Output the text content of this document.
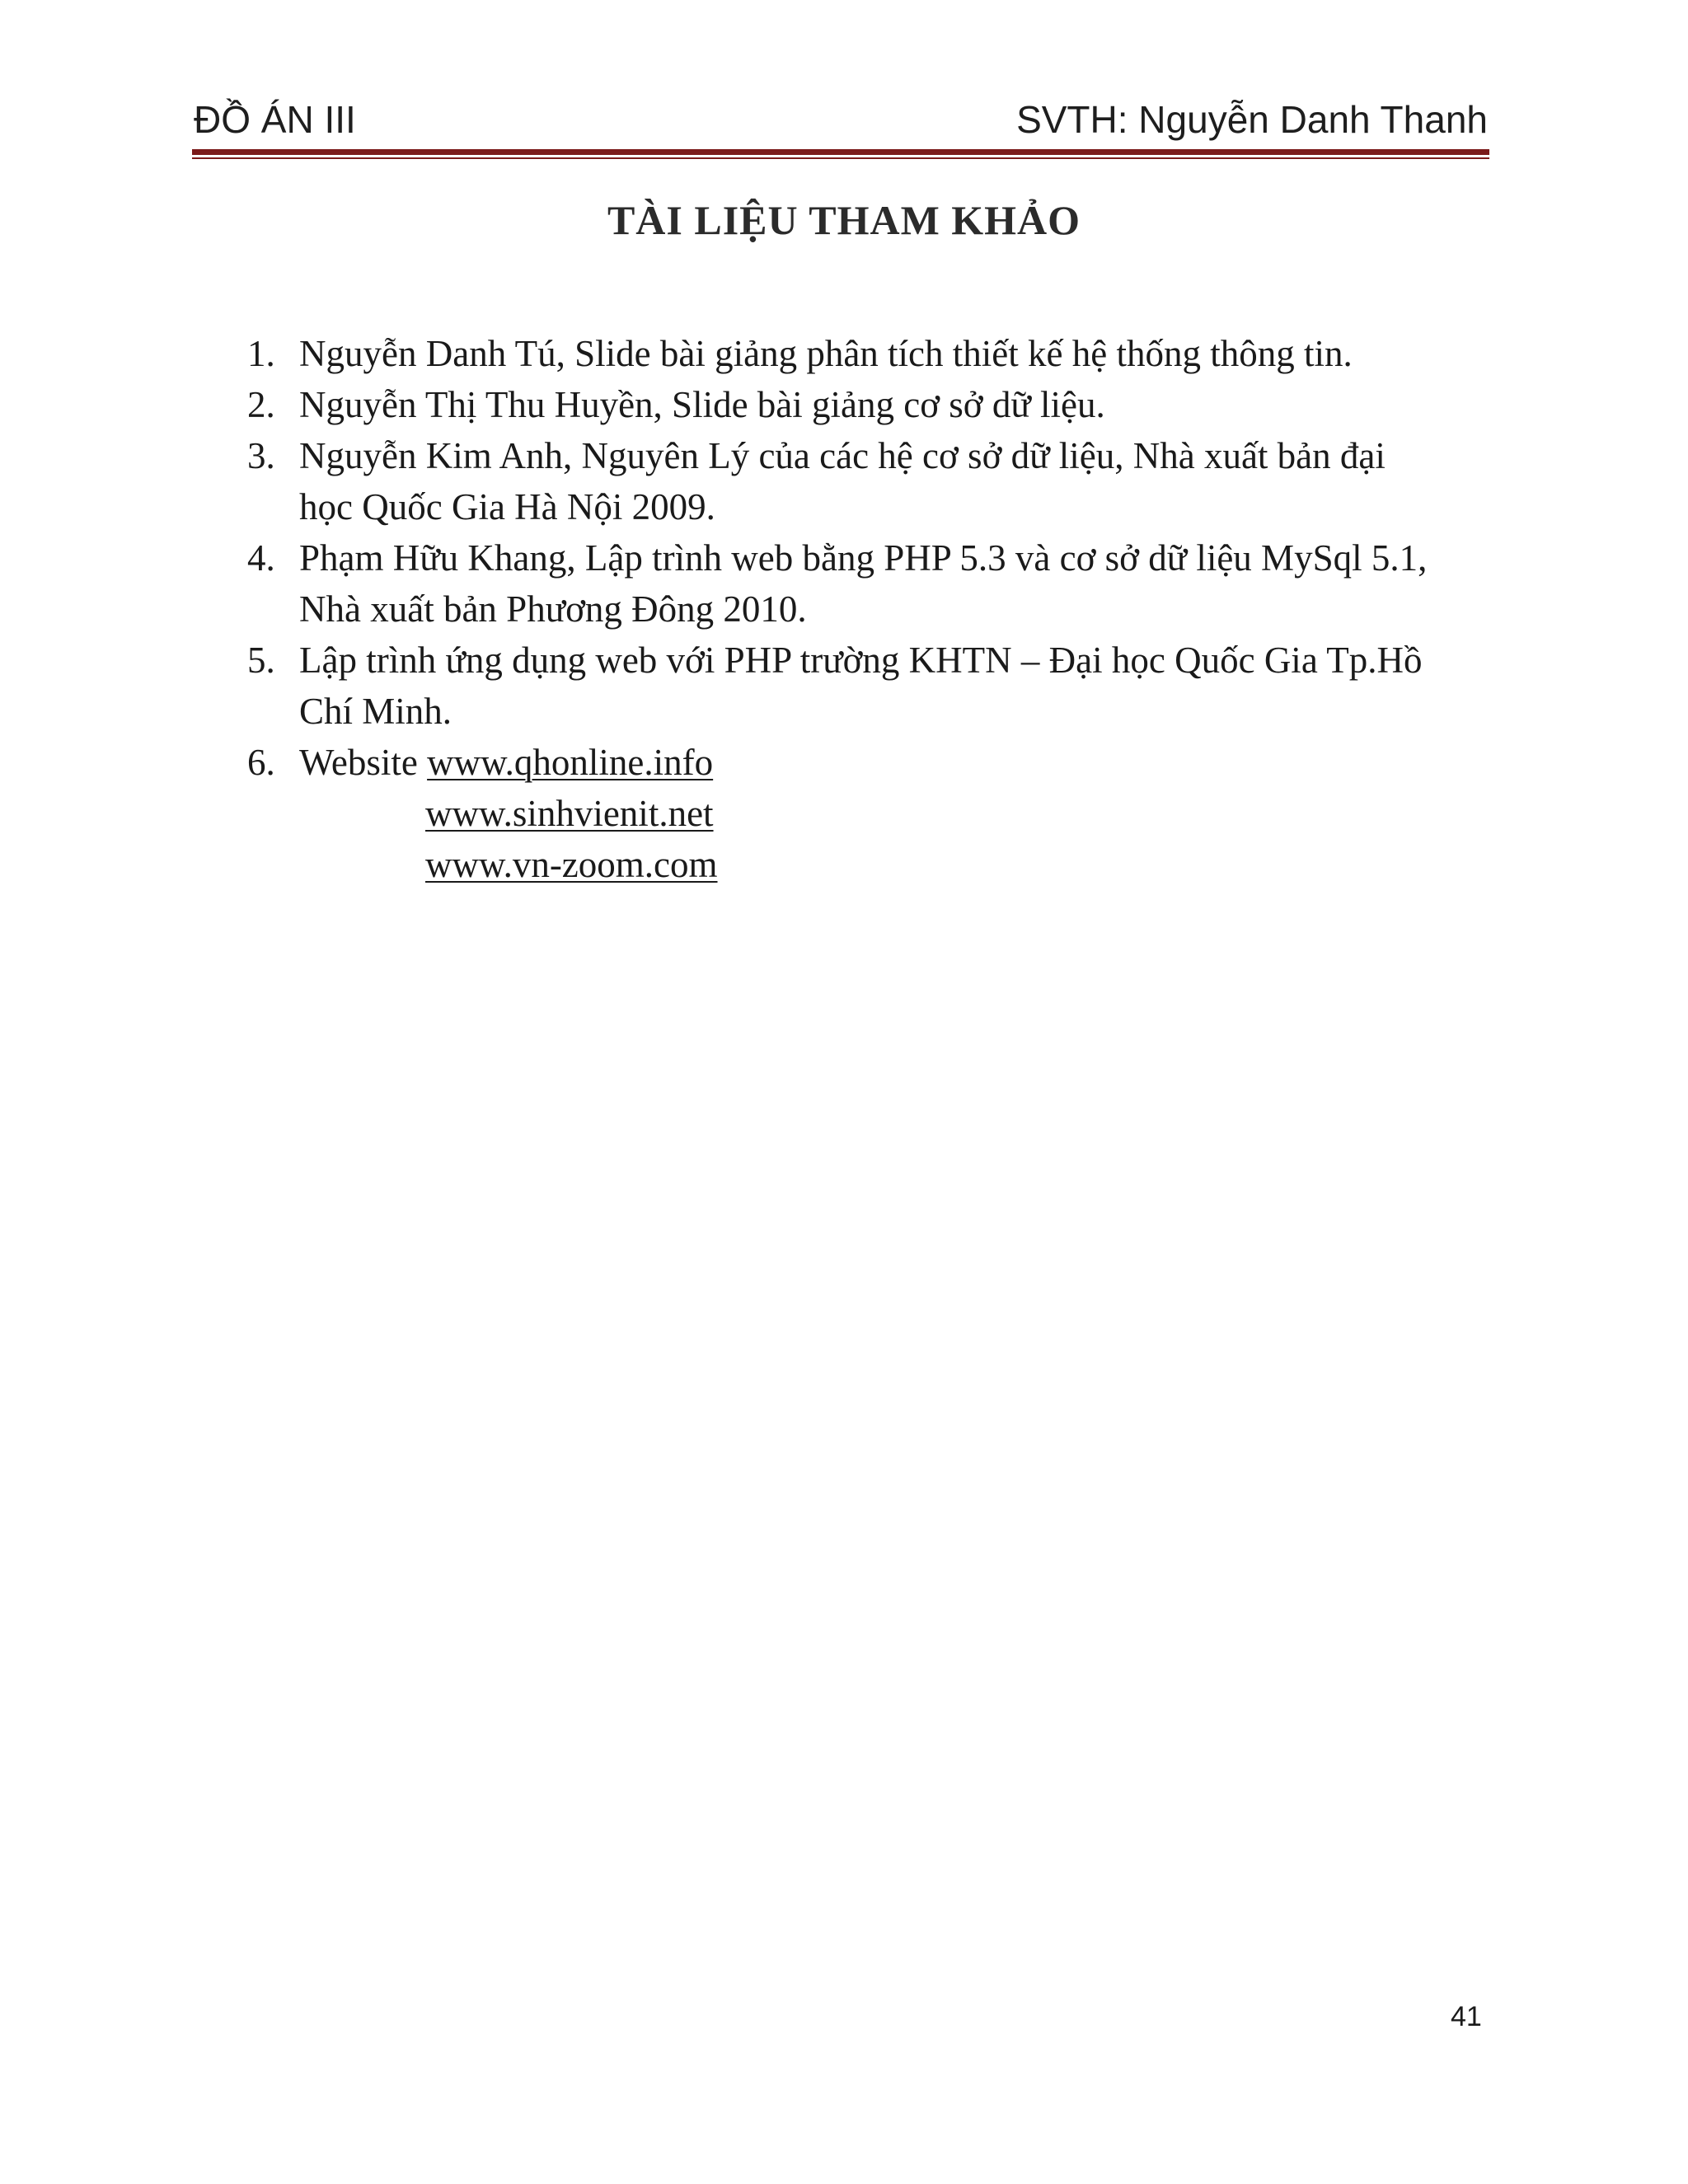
ĐỒ ÁN III	SVTH: Nguyễn Danh Thanh
TÀI LIỆU THAM KHẢO
1. Nguyễn Danh Tú, Slide bài giảng phân tích thiết kế hệ thống thông tin.
2. Nguyễn Thị Thu Huyền, Slide bài giảng cơ sở dữ liệu.
3. Nguyễn Kim Anh, Nguyên Lý của các hệ cơ sở dữ liệu, Nhà xuất bản đại
học Quốc Gia Hà Nội 2009.
4. Phạm Hữu Khang, Lập trình web bằng PHP 5.3 và cơ sở dữ liệu MySql 5.1,
Nhà xuất bản Phương Đông 2010.
5. Lập trình ứng dụng web với PHP trường KHTN – Đại học Quốc Gia Tp.Hồ
Chí Minh.
6. Website www.qhonline.info
www.sinhvienit.net
www.vn-zoom.com
41
